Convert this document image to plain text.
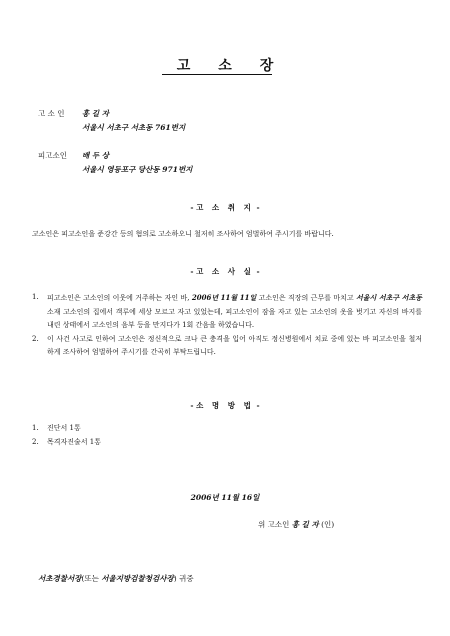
고 소 장
고 소 인 홍 길 자
서울시 서초구 서초동 761번지
피고소인 배 두 상
서울시 영등포구 당산동 971번지
- 고 소 취 지 -
고소인은 피고소인을 준강간 등의 혐의로 고소하오니 철저히 조사하여 엄벌하여 주시기를 바랍니다.
- 고 소 사 실 -
1. 피고소인은 고소인의 이웃에 거주하는 자인 바, 2006년 11월 11일 고소인은 직장의 근무를 마치고 서울시 서초구 서초동 소재 고소인의 집에서 객루에 세상 모르고 자고 있었는데, 피고소인이 잠을 자고 있는 고소인의 옷을 벗기고 자신의 바지를 내린 상태에서 고소인의 음부 등을 만지다가 1회 간음을 하였습니다.
2. 이 사건 사고로 인하여 고소인은 정신적으로 크나 큰 충격을 입어 아직도 정신병원에서 치료 중에 있는 바 피고소인을 철저하게 조사하여 엄벌하여 주시기를 간곡히 부탁드립니다.
- 소 명 방 법 -
1. 진단서 1통
2. 목격자진술서 1통
2006년 11월 16일
위 고소인 홍 길 자 (인)
서초경찰서장(또는 서울지방검찰청검사장) 귀중
